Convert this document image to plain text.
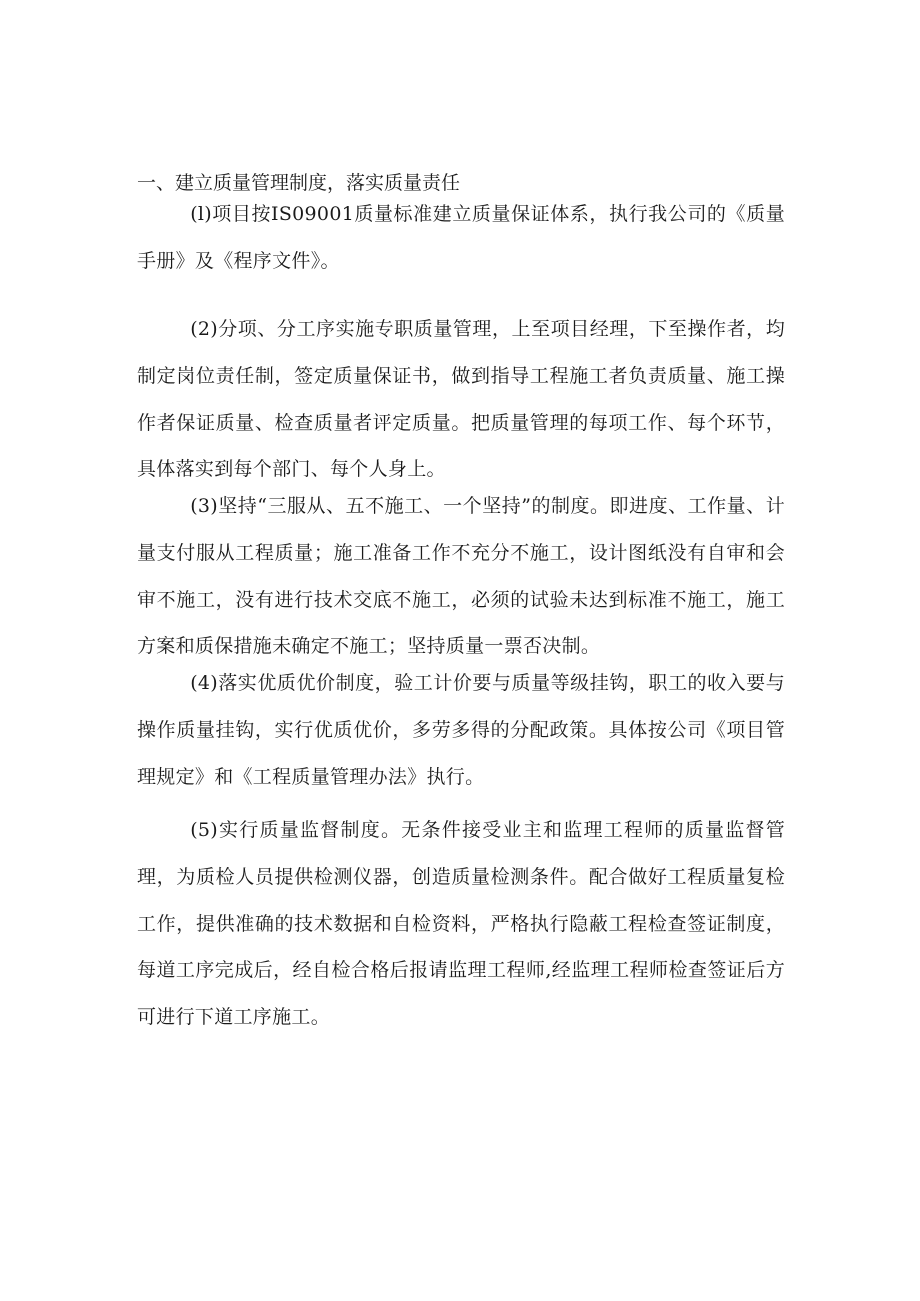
一、建立质量管理制度，落实质量责任
(l)项目按IS09001质量标准建立质量保证体系，执行我公司的《质量手册》及《程序文件》。
(2)分项、分工序实施专职质量管理，上至项目经理，下至操作者，均制定岗位责任制，签定质量保证书，做到指导工程施工者负责质量、施工操作者保证质量、检查质量者评定质量。把质量管理的每项工作、每个环节，具体落实到每个部门、每个人身上。
(3)坚持“三服从、五不施工、一个坚持”的制度。即进度、工作量、计量支付服从工程质量；施工准备工作不充分不施工，设计图纸没有自审和会审不施工，没有进行技术交底不施工，必须的试验未达到标准不施工，施工方案和质保措施未确定不施工；坚持质量一票否决制。
(4)落实优质优价制度，验工计价要与质量等级挂钩，职工的收入要与操作质量挂钩，实行优质优价，多劳多得的分配政策。具体按公司《项目管理规定》和《工程质量管理办法》执行。
(5)实行质量监督制度。无条件接受业主和监理工程师的质量监督管理，为质检人员提供检测仪器，创造质量检测条件。配合做好工程质量复检工作，提供准确的技术数据和自检资料，严格执行隐蔽工程检查签证制度，每道工序完成后，经自检合格后报请监理工程师,经监理工程师检查签证后方可进行下道工序施工。
